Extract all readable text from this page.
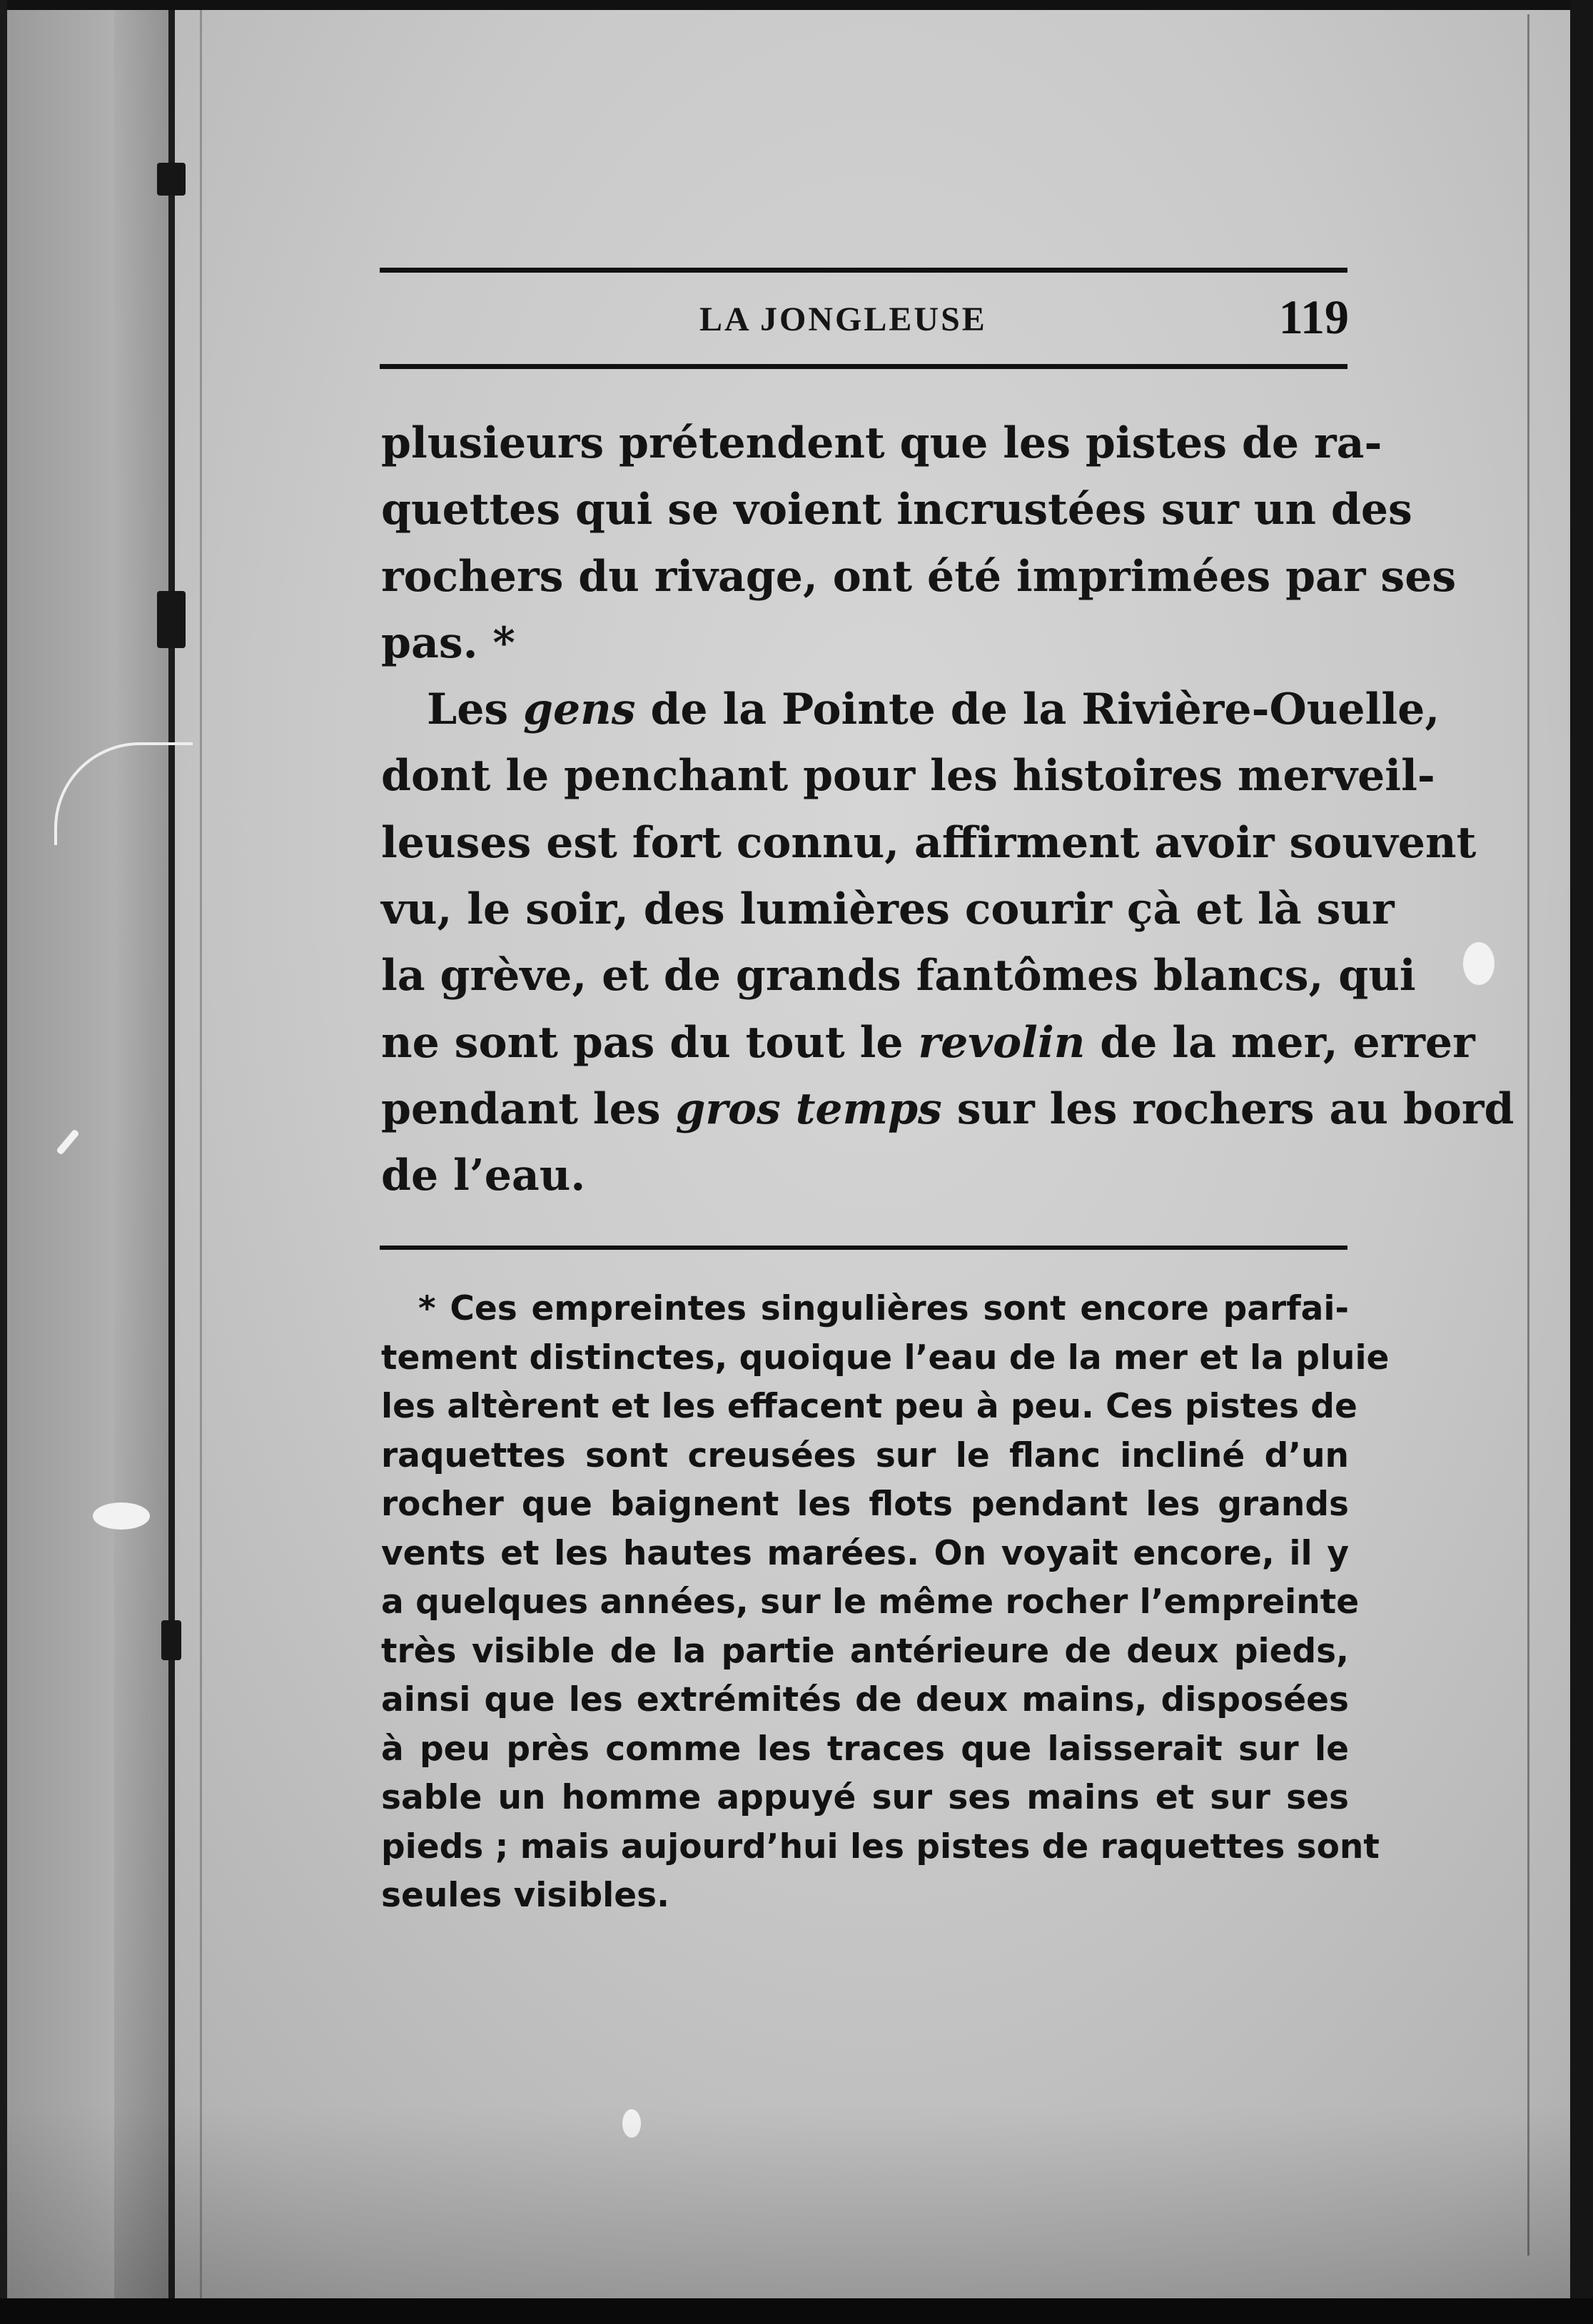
LA JONGLEUSE	119
plusieurs prétendent que les pistes de ra-
quettes qui se voient incrustées sur un des
rochers du rivage, ont été imprimées par ses
pas. *
Les gens de la Pointe de la Rivière-Ouelle,
dont le penchant pour les histoires merveil-
leuses est fort connu, affirment avoir souvent
vu, le soir, des lumières courir çà et là sur
la grève, et de grands fantômes blancs, qui
ne sont pas du tout le revolin de la mer, errer
pendant les gros temps sur les rochers au bord
de l’eau.
* Ces empreintes singulières sont encore parfai-
tement distinctes, quoique l’eau de la mer et la pluie
les altèrent et les effacent peu à peu. Ces pistes de
raquettes sont creusées sur le flanc incliné d’un
rocher que baignent les flots pendant les grands
vents et les hautes marées. On voyait encore, il y
a quelques années, sur le même rocher l’empreinte
très visible de la partie antérieure de deux pieds,
ainsi que les extrémités de deux mains, disposées
à peu près comme les traces que laisserait sur le
sable un homme appuyé sur ses mains et sur ses
pieds ; mais aujourd’hui les pistes de raquettes sont
seules visibles.
